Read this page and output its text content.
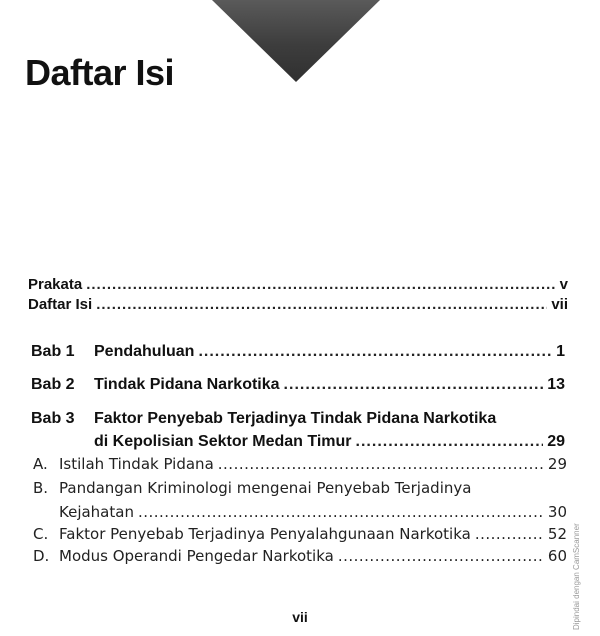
Daftar Isi
Prakata .....	v
Daftar Isi .....	vii
Bab 1	Pendahuluan .....	1
Bab 2	Tindak Pidana Narkotika .....	13
Bab 3 Faktor Penyebab Terjadinya Tindak Pidana Narkotika
di Kepolisian Sektor Medan Timur .....	29
A. Istilah Tindak Pidana .....	29
B. Pandangan Kriminologi mengenai Penyebab Terjadinya
Kejahatan .....	30
C. Faktor Penyebab Terjadinya Penyalahgunaan Narkotika .....	52
D. Modus Operandi Pengedar Narkotika .....	60
vii	Dipindai dengan CamScanner
